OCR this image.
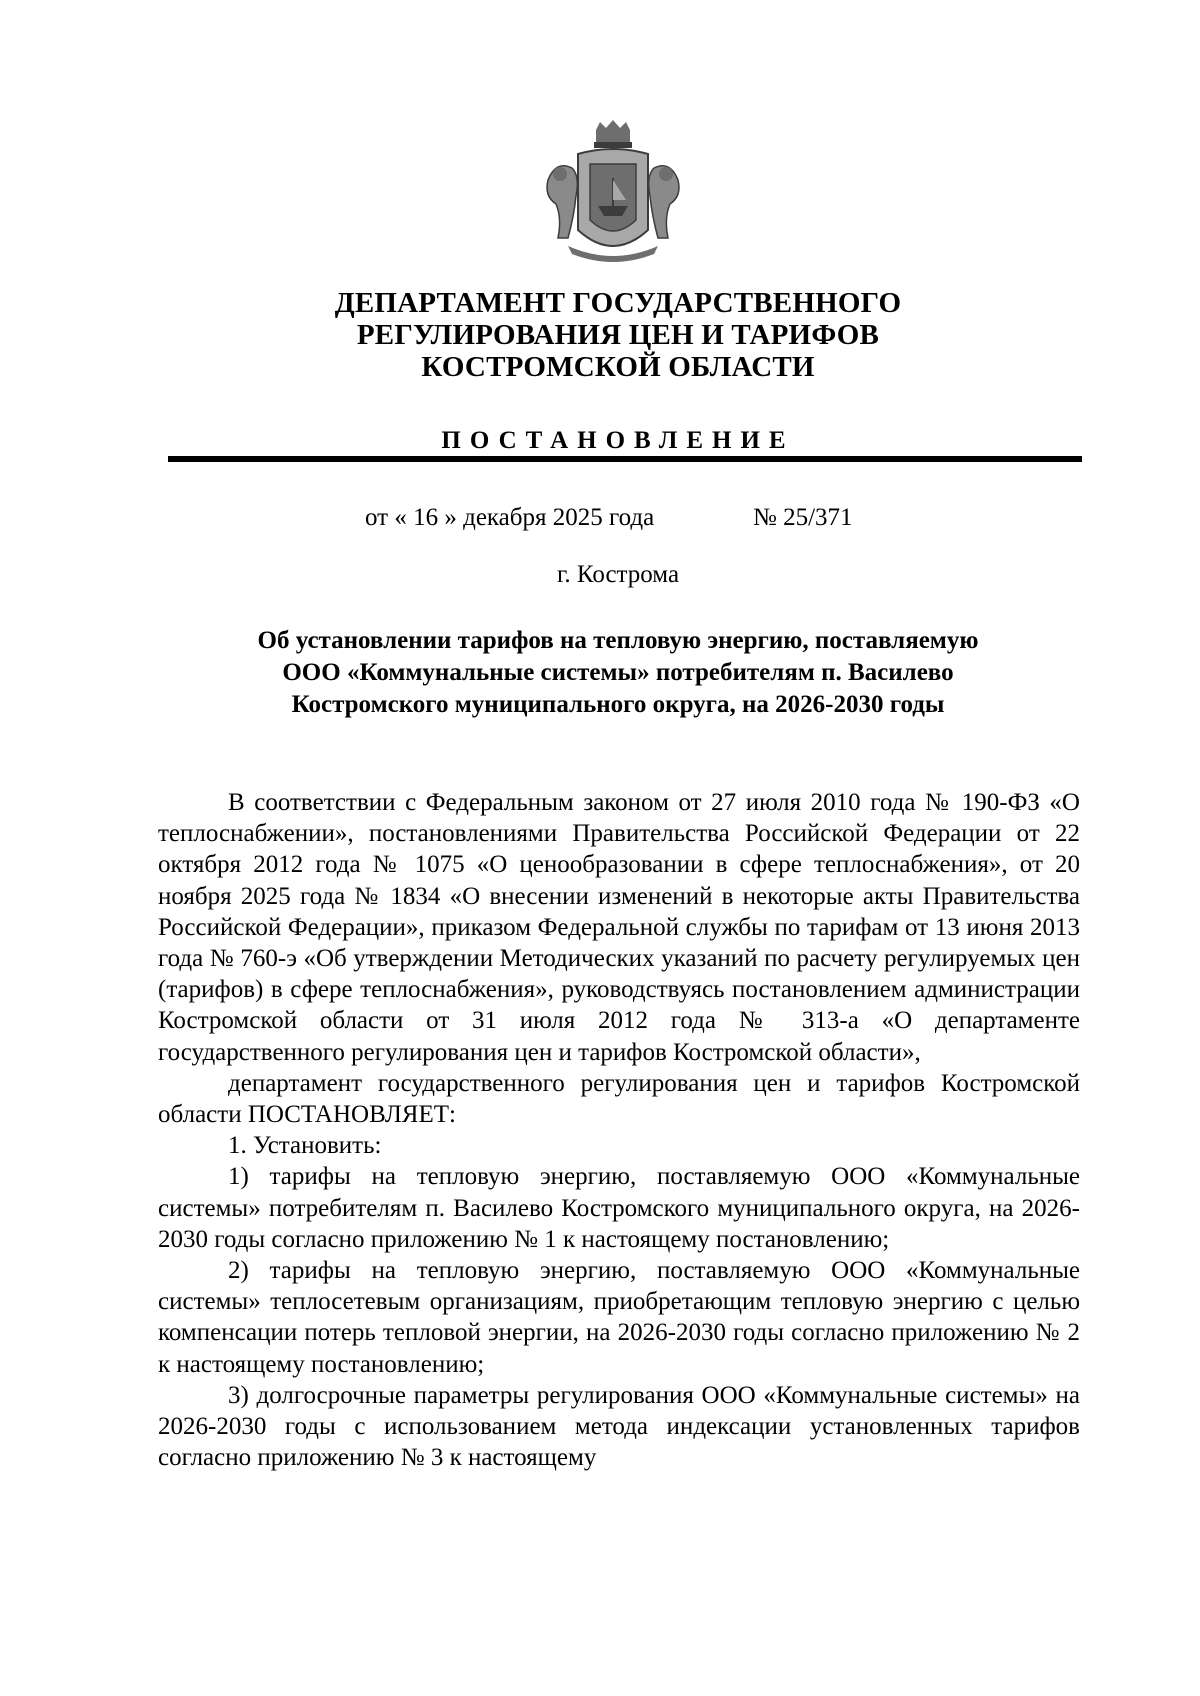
ДЕПАРТАМЕНТ ГОСУДАРСТВЕННОГО
РЕГУЛИРОВАНИЯ ЦЕН И ТАРИФОВ
КОСТРОМСКОЙ ОБЛАСТИ
ПОСТАНОВЛЕНИЕ
от « 16 » декабря 2025 года	№ 25/371
г. Кострома
Об установлении тарифов на тепловую энергию, поставляемую
ООО «Коммунальные системы» потребителям п. Василево
Костромского муниципального округа, на 2026-2030 годы

В соответствии с Федеральным законом от 27 июля 2010 года № 190-ФЗ «О теплоснабжении», постановлениями Правительства Российской Федерации от 22 октября 2012 года № 1075 «О ценообразовании в сфере теплоснабжения», от 20 ноября 2025 года № 1834 «О внесении изменений в некоторые акты Правительства Российской Федерации», приказом Федеральной службы по тарифам от 13 июня 2013 года № 760-э «Об утверждении Методических указаний по расчету регулируемых цен (тарифов) в сфере теплоснабжения», руководствуясь постановлением администрации Костромской области от 31 июля 2012 года № 313-а «О департаменте государственного регулирования цен и тарифов Костромской области»,

департамент государственного регулирования цен и тарифов Костромской области ПОСТАНОВЛЯЕТ:

1. Установить:

1) тарифы на тепловую энергию, поставляемую ООО «Коммунальные системы» потребителям п. Василево Костромского муниципального округа, на 2026-2030 годы согласно приложению № 1 к настоящему постановлению;

2) тарифы на тепловую энергию, поставляемую ООО «Коммунальные системы» теплосетевым организациям, приобретающим тепловую энергию с целью компенсации потерь тепловой энергии, на 2026-2030 годы согласно приложению № 2 к настоящему постановлению;

3) долгосрочные параметры регулирования ООО «Коммунальные системы» на 2026-2030 годы с использованием метода индексации установленных тарифов согласно приложению № 3 к настоящему
